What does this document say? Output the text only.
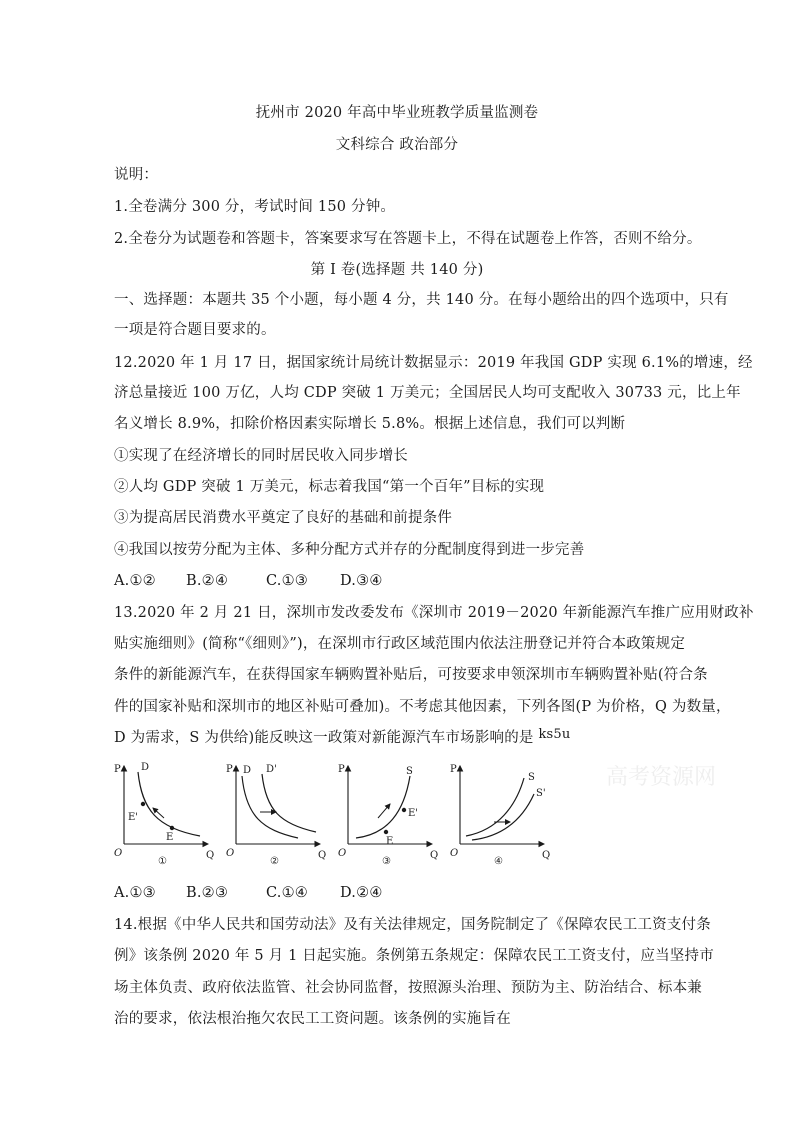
抚州市 2020 年高中毕业班教学质量监测卷
文科综合 政治部分
说明：
1.全卷满分 300 分，考试时间 150 分钟。
2.全卷分为试题卷和答题卡，答案要求写在答题卡上，不得在试题卷上作答，否则不给分。
第 I 卷(选择题 共 140 分)
一、选择题：本题共 35 个小题，每小题 4 分，共 140 分。在每小题给出的四个选项中，只有
一项是符合题目要求的。
12.2020 年 1 月 17 日，据国家统计局统计数据显示：2019 年我国 GDP 实现 6.1%的增速，经
济总量接近 100 万亿，人均 CDP 突破 1 万美元；全国居民人均可支配收入 30733 元，比上年
名义增长 8.9%，扣除价格因素实际增长 5.8%。根据上述信息，我们可以判断
①实现了在经济增长的同时居民收入同步增长
②人均 GDP 突破 1 万美元，标志着我国“第一个百年”目标的实现
③为提高居民消费水平奠定了良好的基础和前提条件
④我国以按劳分配为主体、多种分配方式并存的分配制度得到进一步完善
A.①② B.②④	C.①③ D.③④
13.2020 年 2 月 21 日，深圳市发改委发布《深圳市 2019－2020 年新能源汽车推广应用财政补
贴实施细则》(简称“《细则》”)，在深圳市行政区域范围内依法注册登记并符合本政策规定
条件的新能源汽车，在获得国家车辆购置补贴后，可按要求申领深圳市车辆购置补贴(符合条
件的国家补贴和深圳市的地区补贴可叠加)。不考虑其他因素，下列各图(P 为价格，Q 为数量，
D 为需求，S 为供给)能反映这一政策对新能源汽车市场影响的是 ks5u
P
Q
O
D
E'
E
①
P
Q
O
D D'
②
P
Q
O
S
E'
E
③
P
Q
O
S
S'
④
高考资源网
A.①③ B.②③	C.①④ D.②④
14.根据《中华人民共和国劳动法》及有关法律规定，国务院制定了《保障农民工工资支付条
例》该条例 2020 年 5 月 1 日起实施。条例第五条规定：保障农民工工资支付，应当坚持市
场主体负责、政府依法监管、社会协同监督，按照源头治理、预防为主、防治结合、标本兼
治的要求，依法根治拖欠农民工工资问题。该条例的实施旨在
